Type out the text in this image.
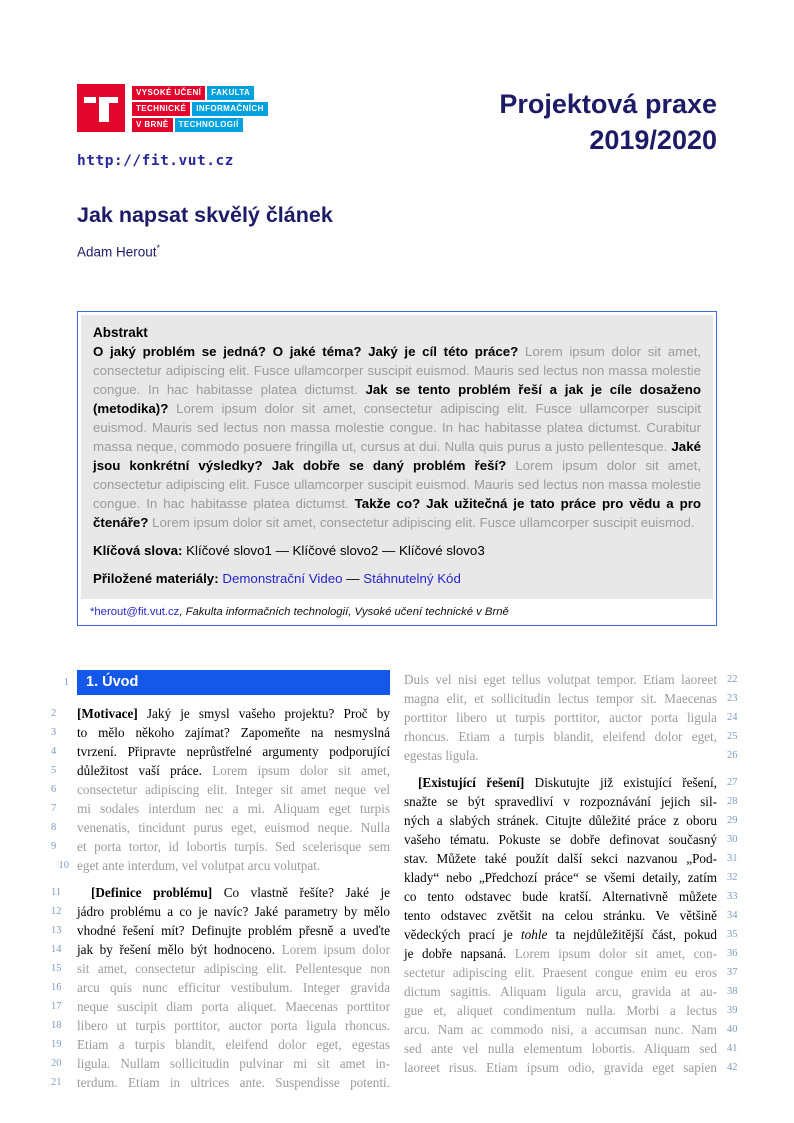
VYSOKÉ UČENÍ	FAKULTA
TECHNICKÉ	INFORMAČNÍCH
V BRNĚ	TECHNOLOGIÍ
http://fit.vut.cz
Projektová praxe
2019/2020
Jak napsat skvělý článek
Adam Herout*
Abstrakt

O jaký problém se jedná? O jaké téma? Jaký je cíl této práce? Lorem ipsum dolor sit amet, consectetur adipiscing elit. Fusce ullamcorper suscipit euismod. Mauris sed lectus non massa molestie congue. In hac habitasse platea dictumst. Jak se tento problém řeší a jak je cíle dosaženo (metodika)? Lorem ipsum dolor sit amet, consectetur adipiscing elit. Fusce ullamcorper suscipit euismod. Mauris sed lectus non massa molestie congue. In hac habitasse platea dictumst. Curabitur massa neque, commodo posuere fringilla ut, cursus at dui. Nulla quis purus a justo pellentesque. Jaké jsou konkrétní výsledky? Jak dobře se daný problém řeší? Lorem ipsum dolor sit amet, consectetur adipiscing elit. Fusce ullamcorper suscipit euismod. Mauris sed lectus non massa molestie congue. In hac habitasse platea dictumst. Takže co? Jak užitečná je tato práce pro vědu a pro čtenáře? Lorem ipsum dolor sit amet, consectetur adipiscing elit. Fusce ullamcorper suscipit euismod.

Klíčová slova: Klíčové slovo1 — Klíčové slovo2 — Klíčové slovo3

Přiložené materiály: Demonstrační Video — Stáhnutelný Kód

*herout@fit.vut.cz, Fakulta informačních technologií, Vysoké učení technické v Brně
1. Úvod
1
[Motivace] Jaký je smysl vašeho projektu? Proč by
2
to mělo někoho zajímat? Zapomeňte na nesmyslná
3
tvrzení. Připravte neprůstřelné argumenty podporující
4
důležitost vaší práce. Lorem ipsum dolor sit amet,
5
consectetur adipiscing elit. Integer sit amet neque vel
6
mi sodales interdum nec a mi. Aliquam eget turpis
7
venenatis, tincidunt purus eget, euismod neque. Nulla
8
et porta tortor, id lobortis turpis. Sed scelerisque sem
9
eget ante interdum, vel volutpat arcu volutpat.
10
[Definice problému] Co vlastně řešíte? Jaké je
11
jádro problému a co je navíc? Jaké parametry by mělo
12
vhodné řešení mít? Definujte problém přesně a uveďte
13
jak by řešení mělo být hodnoceno. Lorem ipsum dolor
14
sit amet, consectetur adipiscing elit. Pellentesque non
15
arcu quis nunc efficitur vestibulum. Integer gravida
16
neque suscipit diam porta aliquet. Maecenas porttitor
17
libero ut turpis porttitor, auctor porta ligula rhoncus.
18
Etiam a turpis blandit, eleifend dolor eget, egestas
19
ligula. Nullam sollicitudin pulvinar mi sit amet in-
20
terdum. Etiam in ultrices ante. Suspendisse potenti.
21
Duis vel nisi eget tellus volutpat tempor. Etiam laoreet 22
magna elit, et sollicitudin lectus tempor sit. Maecenas 23
porttitor libero ut turpis porttitor, auctor porta ligula 24
rhoncus. Etiam a turpis blandit, eleifend dolor eget, 25
egestas ligula.	26
[Existující řešení] Diskutujte již existující řešení, 27
snažte se být spravedliví v rozpoznávání jejich sil- 28
ných a slabých stránek. Citujte důležité práce z oboru 29
vašeho tématu. Pokuste se dobře definovat současný 30
stav. Můžete také použít další sekci nazvanou „Pod- 31
klady“ nebo „Předchozí práce“ se všemi detaily, zatím 32
co tento odstavec bude kratší. Alternativně můžete 33
tento odstavec zvětšit na celou stránku. Ve většině 34
vědeckých prací je tohle ta nejdůležitější část, pokud 35
je dobře napsaná. Lorem ipsum dolor sit amet, con- 36
sectetur adipiscing elit. Praesent congue enim eu eros 37
dictum sagittis. Aliquam ligula arcu, gravida at au- 38
gue et, aliquet condimentum nulla. Morbi a lectus 39
arcu. Nam ac commodo nisi, a accumsan nunc. Nam 40
sed ante vel nulla elementum lobortis. Aliquam sed 41
laoreet risus. Etiam ipsum odio, gravida eget sapien 42
